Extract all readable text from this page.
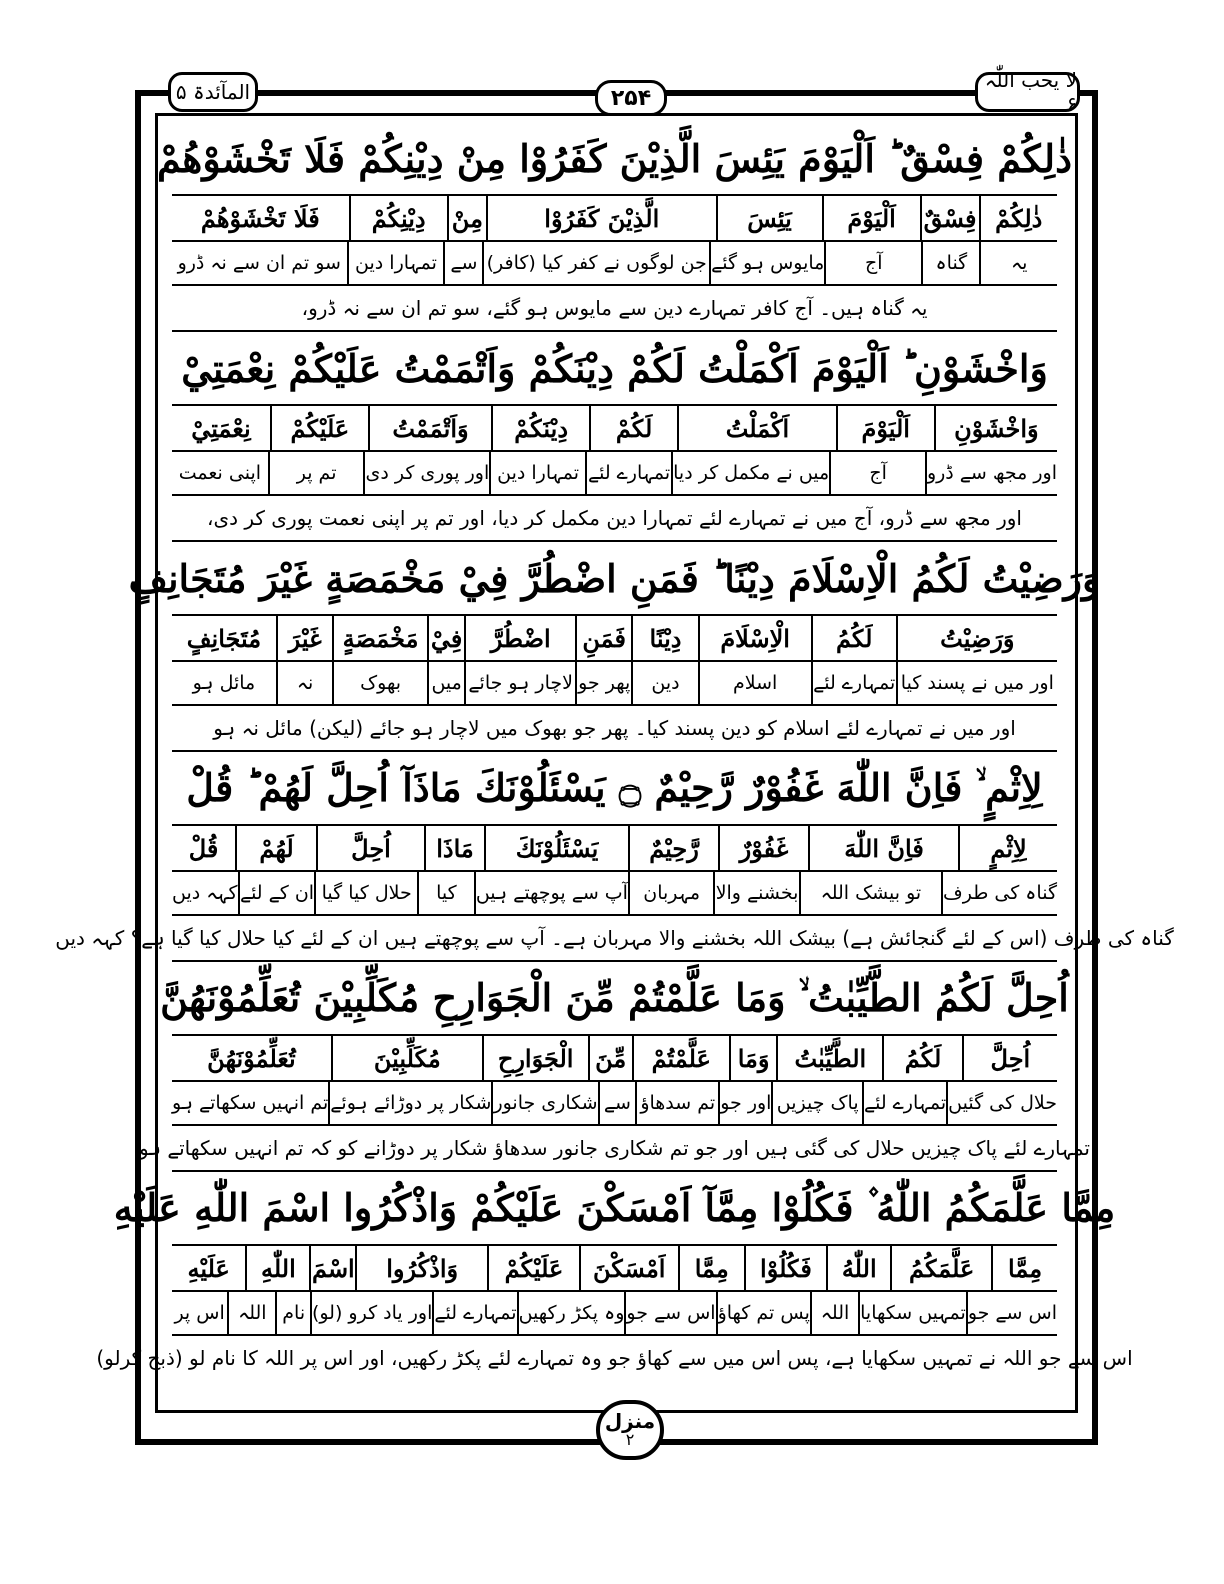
المآئدۃ ۵	۲۵۴
لا یحب اللّٰہ ۶
ذٰلِكُمْ فِسْقٌ ؕ اَلْيَوْمَ يَئِسَ الَّذِيْنَ كَفَرُوْا مِنْ دِيْنِكُمْ فَلَا تَخْشَوْهُمْ
ذٰلِكُمْ
فِسْقٌ
اَلْيَوْمَ
يَئِسَ
الَّذِيْنَ كَفَرُوْا
مِنْ
دِيْنِكُمْ
فَلَا تَخْشَوْهُمْ
یہ
گناہ
آج
مایوس ہو گئے
جن لوگوں نے کفر کیا (کافر)
سے
تمہارا دین
سو تم ان سے نہ ڈرو
یہ گناہ ہیں۔ آج کافر تمہارے دین سے مایوس ہو گئے، سو تم ان سے نہ ڈرو،
وَاخْشَوْنِ ؕ اَلْيَوْمَ اَكْمَلْتُ لَكُمْ دِيْنَكُمْ وَاَتْمَمْتُ عَلَيْكُمْ نِعْمَتِيْ
وَاخْشَوْنِ
اَلْيَوْمَ
اَكْمَلْتُ
لَكُمْ
دِيْنَكُمْ
وَاَتْمَمْتُ
عَلَيْكُمْ
نِعْمَتِيْ
اور مجھ سے ڈرو
آج
میں نے مکمل کر دیا
تمہارے لئے
تمہارا دین
اور پوری کر دی
تم پر
اپنی نعمت
اور مجھ سے ڈرو، آج میں نے تمہارے لئے تمہارا دین مکمل کر دیا، اور تم پر اپنی نعمت پوری کر دی،
وَرَضِيْتُ لَكُمُ الْاِسْلَامَ دِيْنًا ؕ فَمَنِ اضْطُرَّ فِيْ مَخْمَصَةٍ غَيْرَ مُتَجَانِفٍ
وَرَضِيْتُ
لَكُمُ
الْاِسْلَامَ
دِيْنًا
فَمَنِ
اضْطُرَّ
فِيْ
مَخْمَصَةٍ
غَيْرَ
مُتَجَانِفٍ
اور میں نے پسند کیا
تمہارے لئے
اسلام
دین
پھر جو
لاچار ہو جائے
میں
بھوک
نہ
مائل ہو
اور میں نے تمہارے لئے اسلام کو دین پسند کیا۔ پھر جو بھوک میں لاچار ہو جائے (لیکن) مائل نہ ہو
لِاِثْمٍ ۙ فَاِنَّ اللّٰهَ غَفُوْرٌ رَّحِيْمٌ ۝ يَسْئَلُوْنَكَ مَاذَآ اُحِلَّ لَهُمْ ؕ قُلْ
لِاِثْمٍ
فَاِنَّ اللّٰهَ
غَفُوْرٌ
رَّحِيْمٌ
يَسْئَلُوْنَكَ
مَاذَا
اُحِلَّ
لَهُمْ
قُلْ
گناہ کی طرف
تو بیشک اللہ
بخشنے والا
مہربان
آپ سے پوچھتے ہیں
کیا
حلال کیا گیا
ان کے لئے
کہہ دیں
گناہ کی طرف (اس کے لئے گنجائش ہے) بیشک اللہ بخشنے والا مہربان ہے۔ آپ سے پوچھتے ہیں ان کے لئے کیا حلال کیا گیا ہے؟ کہہ دیں
اُحِلَّ لَكُمُ الطَّيِّبٰتُ ۙ وَمَا عَلَّمْتُمْ مِّنَ الْجَوَارِحِ مُكَلِّبِيْنَ تُعَلِّمُوْنَهُنَّ
اُحِلَّ
لَكُمُ
الطَّيِّبٰتُ
وَمَا
عَلَّمْتُمْ
مِّنَ
الْجَوَارِحِ
مُكَلِّبِيْنَ
تُعَلِّمُوْنَهُنَّ
حلال کی گئیں
تمہارے لئے
پاک چیزیں
اور جو
تم سدھاؤ
سے
شکاری جانور
شکار پر دوڑائے ہوئے
تم انہیں سکھاتے ہو
تمہارے لئے پاک چیزیں حلال کی گئی ہیں اور جو تم شکاری جانور سدھاؤ شکار پر دوڑانے کو کہ تم انہیں سکھاتے ہو
مِمَّا عَلَّمَكُمُ اللّٰهُ ۫ فَكُلُوْا مِمَّآ اَمْسَكْنَ عَلَيْكُمْ وَاذْكُرُوا اسْمَ اللّٰهِ عَلَيْهِ
مِمَّا
عَلَّمَكُمُ
اللّٰهُ
فَكُلُوْا
مِمَّا
اَمْسَكْنَ
عَلَيْكُمْ
وَاذْكُرُوا
اسْمَ
اللّٰهِ
عَلَيْهِ
اس سے جو
تمہیں سکھایا
اللہ
پس تم کھاؤ
اس سے جو
وہ پکڑ رکھیں
تمہارے لئے
اور یاد کرو (لو)
نام
اللہ
اس پر
اس سے جو اللہ نے تمہیں سکھایا ہے، پس اس میں سے کھاؤ جو وہ تمہارے لئے پکڑ رکھیں، اور اس پر اللہ کا نام لو (ذبح کرلو)
منزل
۲
